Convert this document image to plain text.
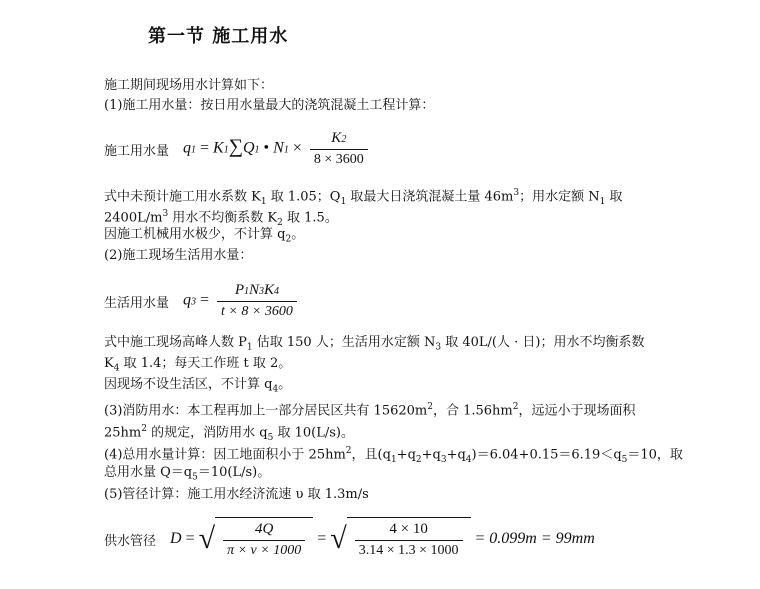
第一节 施工用水
施工期间现场用水计算如下：
(1)施工用水量：按日用水量最大的浇筑混凝土工程计算：
施工用水量 q1 = K1∑Q1 • $N1 \times \frac{K2}{8 \times 3600}$
式中未预计施工用水系数 $K_1$ 取 1.05；$Q_1$ 取最大日浇筑混凝土量 $46m^3$；用水定额 $N_1$ 取
$2400L/m^3$ 用水不均衡系数 $K_2$ 取 1.5。
因施工机械用水极少，不计算 $q_2$。
(2)施工现场生活用水量：
生活用水量 $q3 = \frac{P1N3K4}{t \times 8 \times 3600}$
式中施工现场高峰人数 $P_1$ 估取 150 人；生活用水定额 $N_3$ 取 40L/(人 · 日)；用水不均衡系数
$K_4$ 取 1.4；每天工作班 t 取 2。
因现场不设生活区，不计算 $q_4$。
(3)消防用水：本工程再加上一部分居民区共有 $15620m^2$，合 $1.56hm^2$，远远小于现场面积
$25hm^2$ 的规定，消防用水 $q_5$ 取 10(L/s)。
(4)总用水量计算：因工地面积小于 $25hm^2$，且$(q_1+q_2+q_3+q_4)=6.04+0.15=6.19<q_5=10$，取
总用水量 $Q=q_5=10(L/s)$。
(5)管径计算：施工用水经济流速 υ 取 1.3m/s
供水管径 D
= √ $\frac{4Q}{\pi \times \nu \times 1000}$ = √ $\frac{4 \times 10}{3.14 \times 1.3 \times 1000} = 0.099m = 99mm$
